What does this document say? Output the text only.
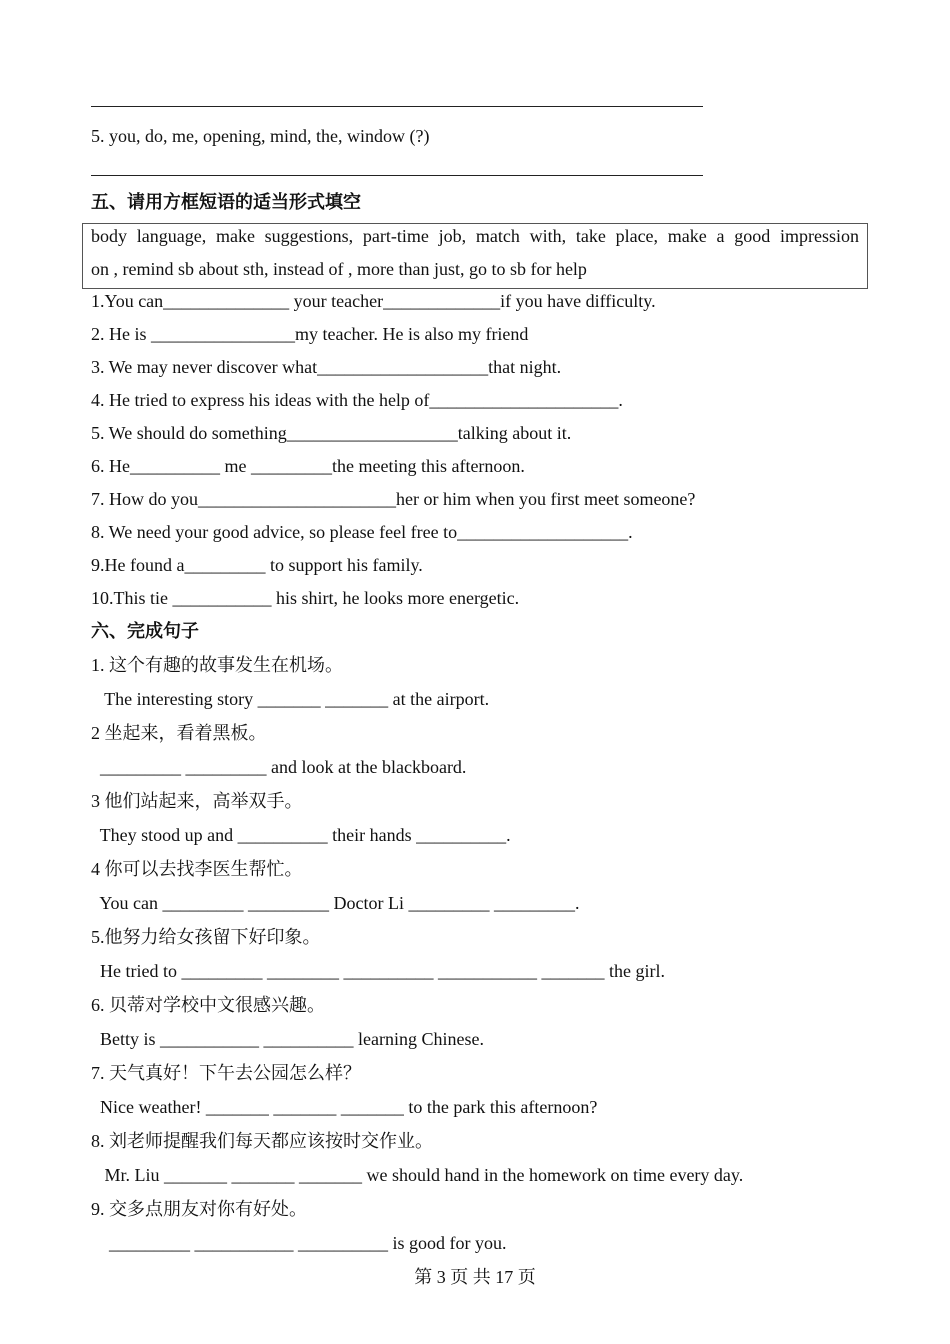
5. you, do, me, opening, mind, the, window (?)
五、请用方框短语的适当形式填空
body language, make suggestions, part-time job, match with, take place, make a good impression
on , remind sb about sth, instead of , more than just, go to sb for help
1.You can______________ your teacher_____________if you have difficulty.
2. He is ________________my teacher. He is also my friend
3. We may never discover what___________________that night.
4. He tried to express his ideas with the help of_____________________.
5. We should do something___________________talking about it.
6. He__________ me _________the meeting this afternoon.
7. How do you______________________her or him when you first meet someone?
8. We need your good advice, so please feel free to___________________.
9.He found a_________ to support his family.
10.This tie ___________ his shirt, he looks more energetic.
六、完成句子
1. 这个有趣的故事发生在机场。
The interesting story _______ _______ at the airport.
2 坐起来，看着黑板。
_________ _________ and look at the blackboard.
3 他们站起来，高举双手。
They stood up and __________ their hands __________.
4 你可以去找李医生帮忙。
You can _________ _________ Doctor Li _________ _________.
5.他努力给女孩留下好印象。
He tried to _________ ________ __________ ___________ _______ the girl.
6. 贝蒂对学校中文很感兴趣。
Betty is ___________ __________ learning Chinese.
7. 天气真好！下午去公园怎么样？
Nice weather! _______ _______ _______ to the park this afternoon?
8. 刘老师提醒我们每天都应该按时交作业。
Mr. Liu _______ _______ _______ we should hand in the homework on time every day.
9. 交多点朋友对你有好处。
_________ ___________ __________ is good for you.
第 3 页 共 17 页
